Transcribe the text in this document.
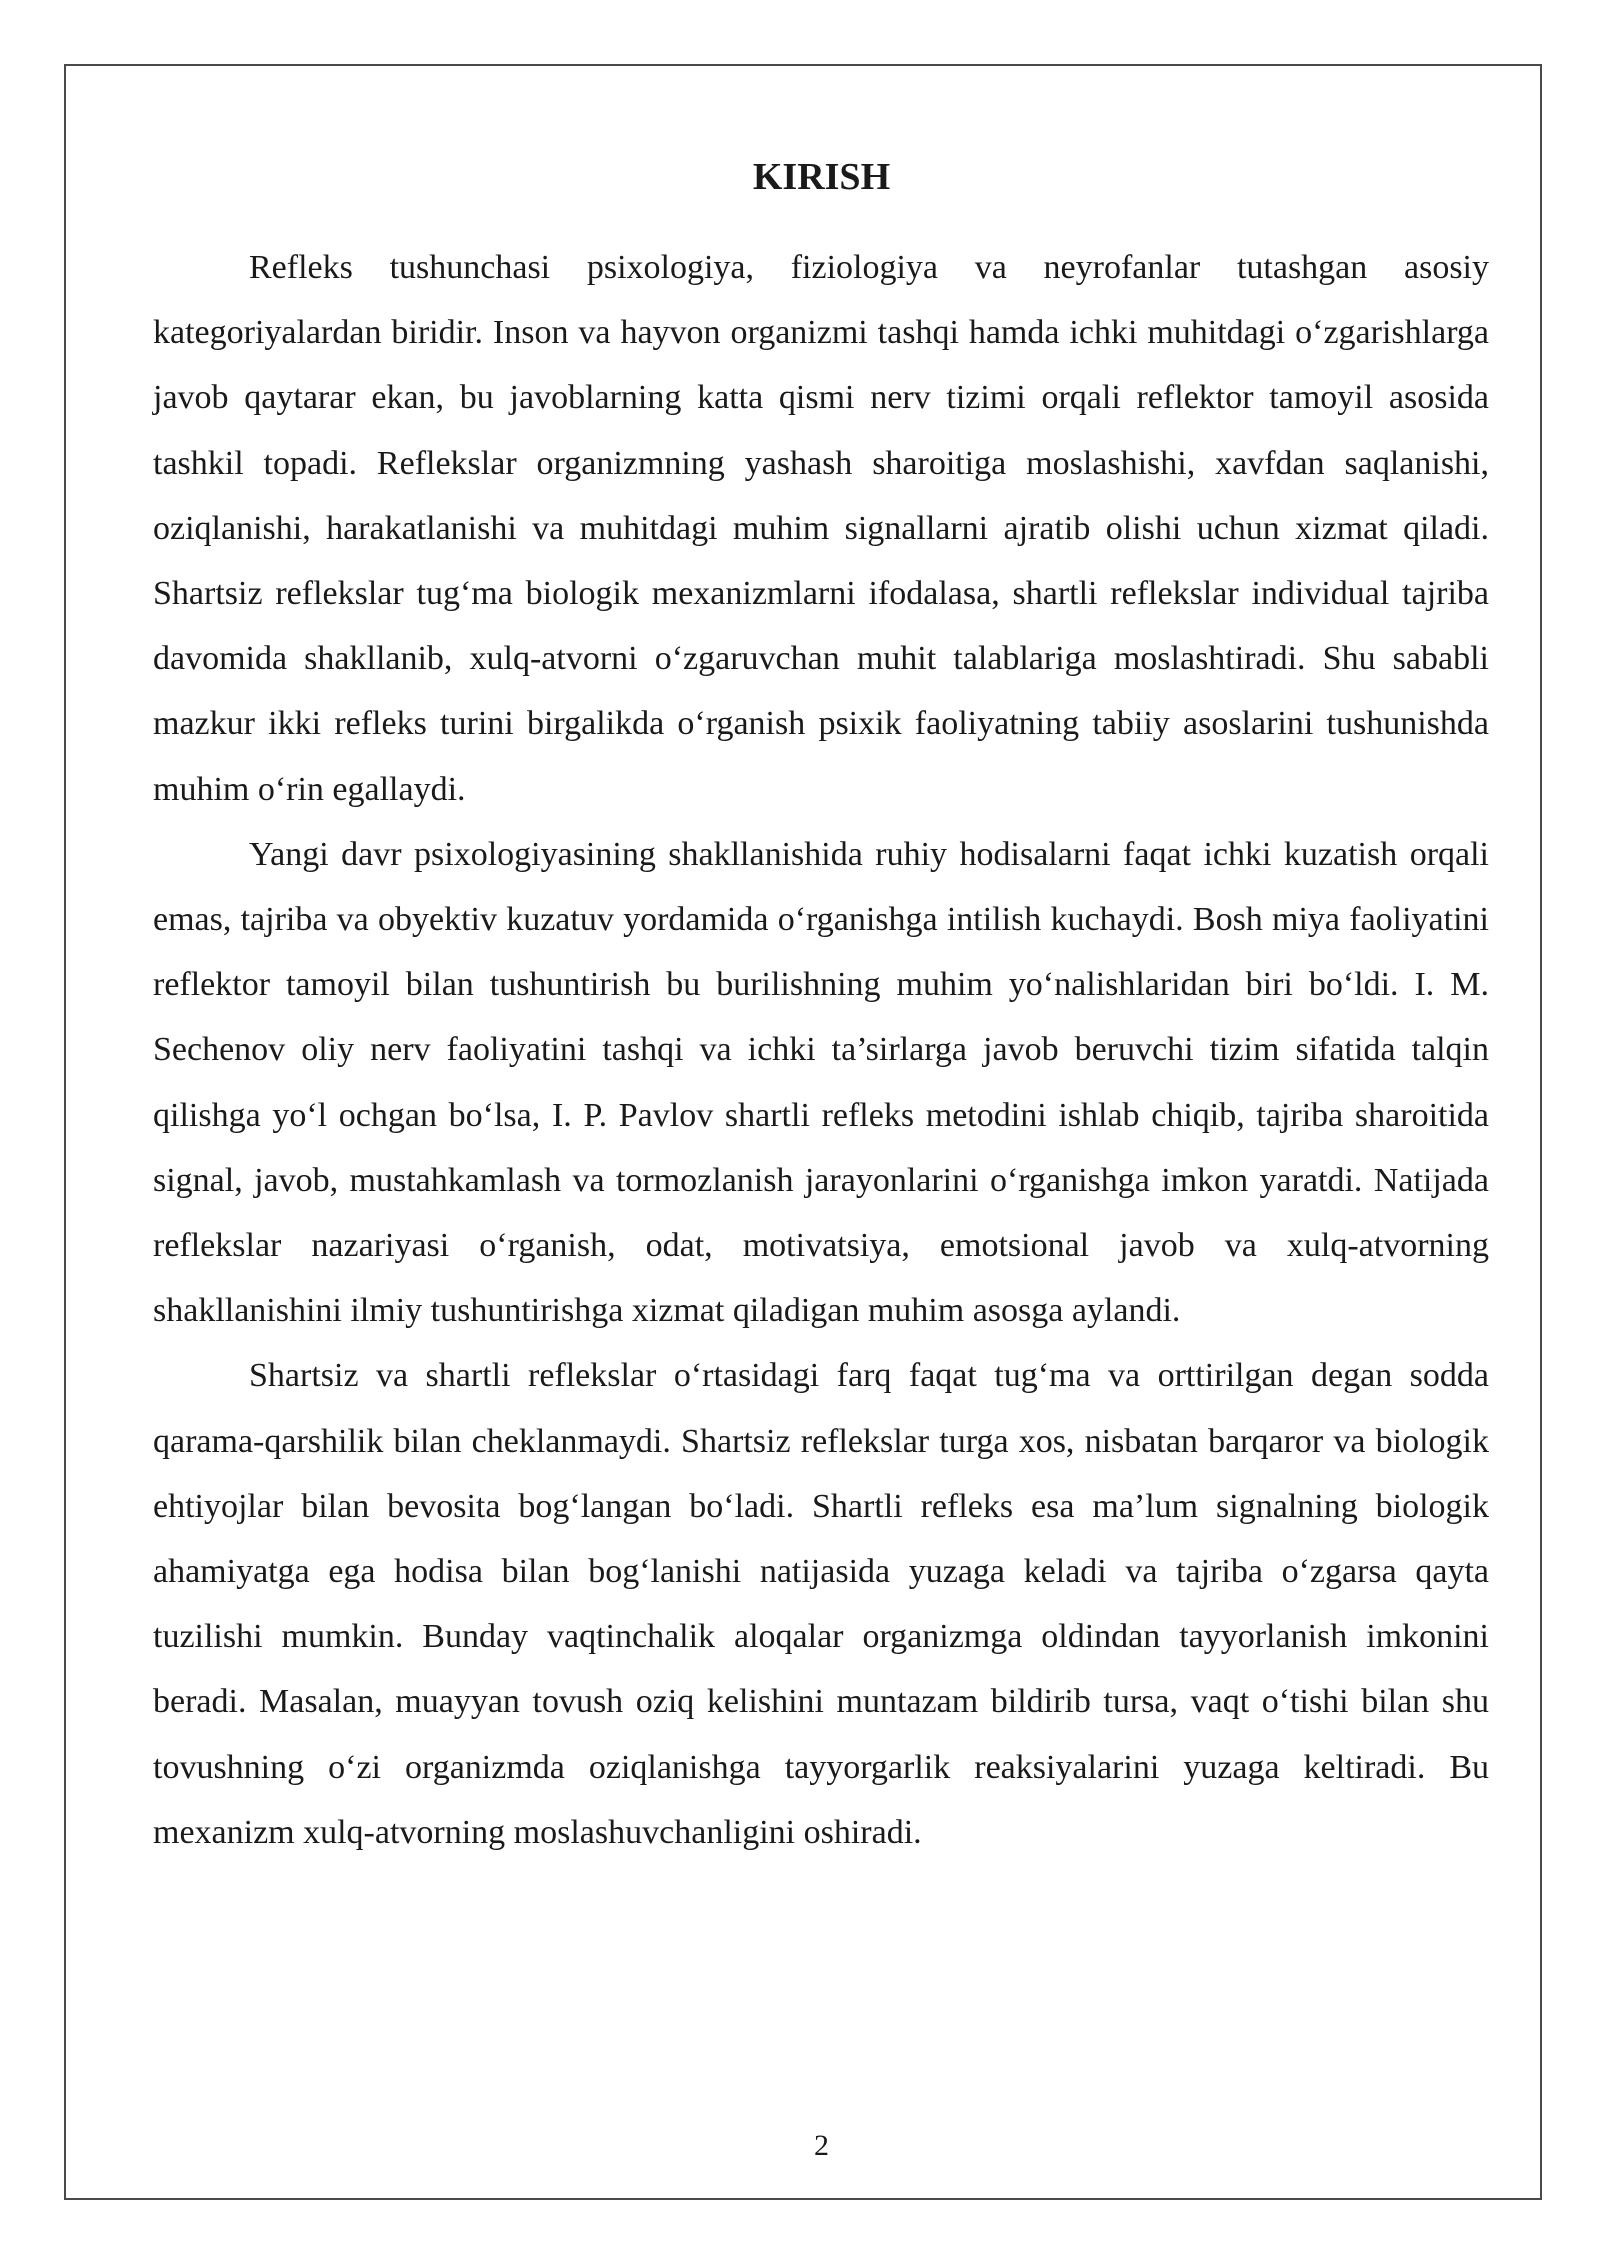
KIRISH

Refleks tushunchasi psixologiya, fiziologiya va neyrofanlar tutashgan asosiy kategoriyalardan biridir. Inson va hayvon organizmi tashqi hamda ichki muhitdagi o‘zgarishlarga javob qaytarar ekan, bu javoblarning katta qismi nerv tizimi orqali reflektor tamoyil asosida tashkil topadi. Reflekslar organizmning yashash sharoitiga moslashishi, xavfdan saqlanishi, oziqlanishi, harakatlanishi va muhitdagi muhim signallarni ajratib olishi uchun xizmat qiladi. Shartsiz reflekslar tug‘ma biologik mexanizmlarni ifodalasa, shartli reflekslar individual tajriba davomida shakllanib, xulq-atvorni o‘zgaruvchan muhit talablariga moslashtiradi. Shu sababli mazkur ikki refleks turini birgalikda o‘rganish psixik faoliyatning tabiiy asoslarini tushunishda muhim o‘rin egallaydi.

Yangi davr psixologiyasining shakllanishida ruhiy hodisalarni faqat ichki kuzatish orqali emas, tajriba va obyektiv kuzatuv yordamida o‘rganishga intilish kuchaydi. Bosh miya faoliyatini reflektor tamoyil bilan tushuntirish bu burilishning muhim yo‘nalishlaridan biri bo‘ldi. I. M. Sechenov oliy nerv faoliyatini tashqi va ichki ta’sirlarga javob beruvchi tizim sifatida talqin qilishga yo‘l ochgan bo‘lsa, I. P. Pavlov shartli refleks metodini ishlab chiqib, tajriba sharoitida signal, javob, mustahkamlash va tormozlanish jarayonlarini o‘rganishga imkon yaratdi. Natijada reflekslar nazariyasi o‘rganish, odat, motivatsiya, emotsional javob va xulq-atvorning shakllanishini ilmiy tushuntirishga xizmat qiladigan muhim asosga aylandi.

Shartsiz va shartli reflekslar o‘rtasidagi farq faqat tug‘ma va orttirilgan degan sodda qarama-qarshilik bilan cheklanmaydi. Shartsiz reflekslar turga xos, nisbatan barqaror va biologik ehtiyojlar bilan bevosita bog‘langan bo‘ladi. Shartli refleks esa ma’lum signalning biologik ahamiyatga ega hodisa bilan bog‘lanishi natijasida yuzaga keladi va tajriba o‘zgarsa qayta tuzilishi mumkin. Bunday vaqtinchalik aloqalar organizmga oldindan tayyorlanish imkonini beradi. Masalan, muayyan tovush oziq kelishini muntazam bildirib tursa, vaqt o‘tishi bilan shu tovushning o‘zi organizmda oziqlanishga tayyorgarlik reaksiyalarini yuzaga keltiradi. Bu mexanizm xulq-atvorning moslashuvchanligini oshiradi.

2
